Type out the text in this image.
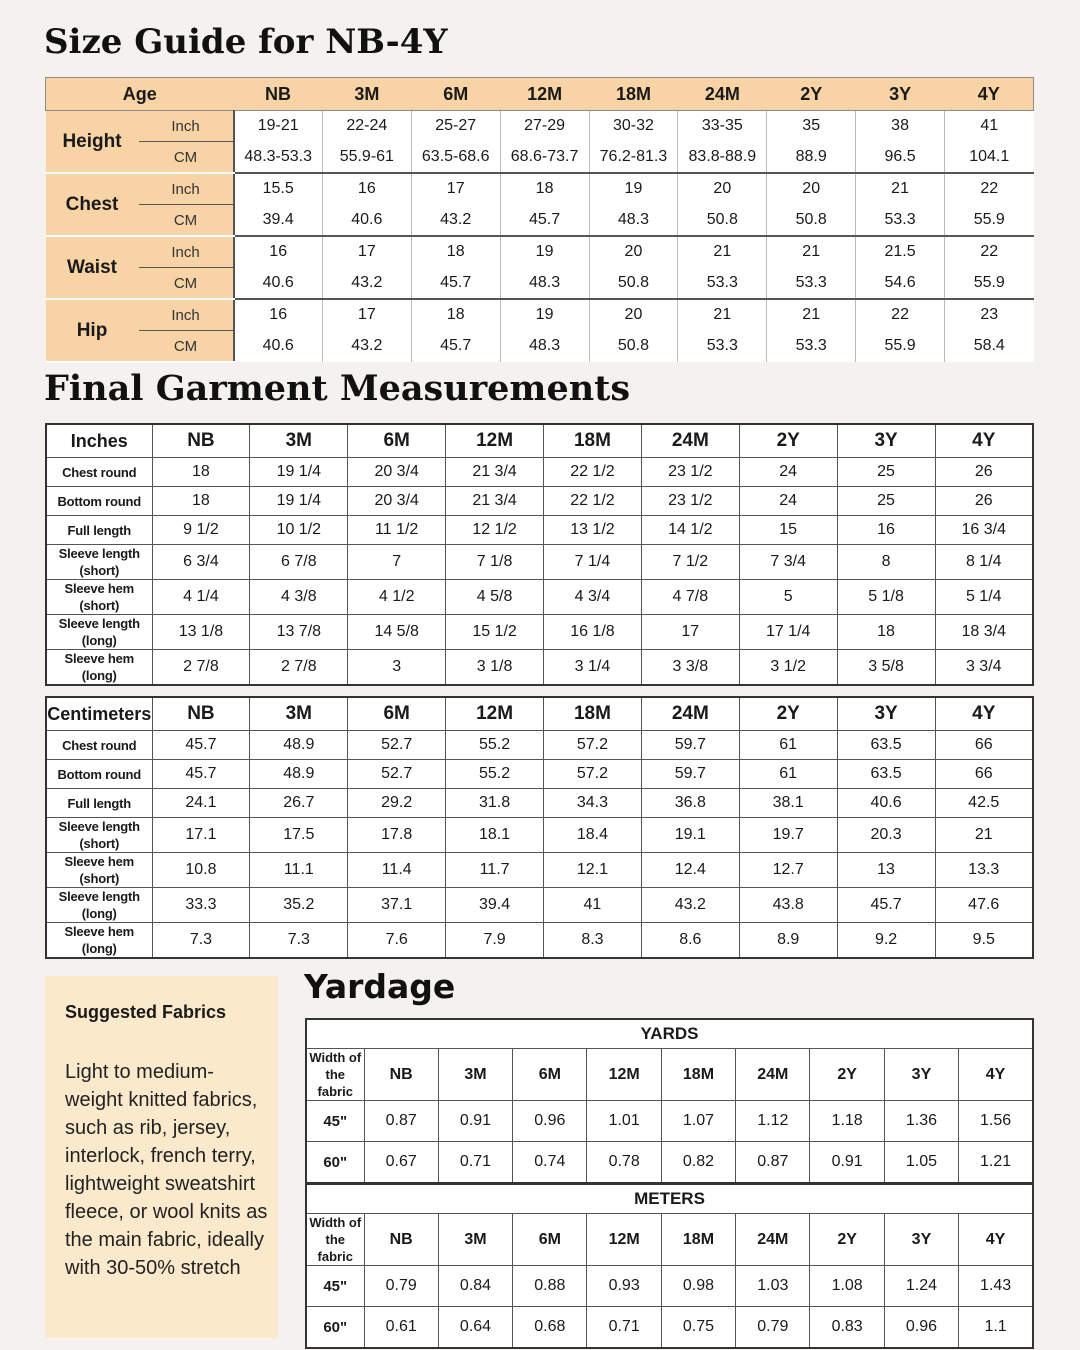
Size Guide for NB-4Y
Age		NB	3M	6M	12M	18M	24M	2Y	3Y	4Y
Height	Inch	19-21	22-24	25-27	27-29	30-32	33-35	35	38	41
	CM	48.3-53.3	55.9-61	63.5-68.6	68.6-73.7	76.2-81.3	83.8-88.9	88.9	96.5	104.1
Chest	Inch	15.5	16	17	18	19	20	20	21	22
	CM	39.4	40.6	43.2	45.7	48.3	50.8	50.8	53.3	55.9
Waist	Inch	16	17	18	19	20	21	21	21.5	22
	CM	40.6	43.2	45.7	48.3	50.8	53.3	53.3	54.6	55.9
Hip	Inch	16	17	18	19	20	21	21	22	23
	CM	40.6	43.2	45.7	48.3	50.8	53.3	53.3	55.9	58.4
Final Garment Measurements
Inches	NB	3M	6M	12M	18M	24M	2Y	3Y	4Y
Chest round	18	19 1/4	20 3/4	21 3/4	22 1/2	23 1/2	24	25	26
Bottom round	18	19 1/4	20 3/4	21 3/4	22 1/2	23 1/2	24	25	26
Full length	9 1/2	10 1/2	11 1/2	12 1/2	13 1/2	14 1/2	15	16	16 3/4
Sleeve length
(short)	6 3/4	6 7/8	7	7 1/8	7 1/4	7 1/2	7 3/4	8	8 1/4
Sleeve hem (short)	4 1/4	4 3/8	4 1/2	4 5/8	4 3/4	4 7/8	5	5 1/8	5 1/4
Sleeve length
(long)	13 1/8	13 7/8	14 5/8	15 1/2	16 1/8	17	17 1/4	18	18 3/4
Sleeve hem (long)	2 7/8	2 7/8	3	3 1/8	3 1/4	3 3/8	3 1/2	3 5/8	3 3/4
Centimeters	NB	3M	6M	12M	18M	24M	2Y	3Y	4Y
Chest round	45.7	48.9	52.7	55.2	57.2	59.7	61	63.5	66
Bottom round	45.7	48.9	52.7	55.2	57.2	59.7	61	63.5	66
Full length	24.1	26.7	29.2	31.8	34.3	36.8	38.1	40.6	42.5
Sleeve length
(short)	17.1	17.5	17.8	18.1	18.4	19.1	19.7	20.3	21
Sleeve hem (short)	10.8	11.1	11.4	11.7	12.1	12.4	12.7	13	13.3
Sleeve length
(long)	33.3	35.2	37.1	39.4	41	43.2	43.8	45.7	47.6
Sleeve hem (long)	7.3	7.3	7.6	7.9	8.3	8.6	8.9	9.2	9.5
Suggested Fabrics
Light to medium-weight knitted fabrics, such as rib, jersey, interlock, french terry, lightweight sweatshirt fleece, or wool knits as the main fabric, ideally with 30-50% stretch
Yardage
YARDS									
Width of
the fabric	NB	3M	6M	12M	18M	24M	2Y	3Y	4Y
45"	0.87	0.91	0.96	1.01	1.07	1.12	1.18	1.36	1.56
60"	0.67	0.71	0.74	0.78	0.82	0.87	0.91	1.05	1.21
METERS									
Width of
the fabric	NB	3M	6M	12M	18M	24M	2Y	3Y	4Y
45"	0.79	0.84	0.88	0.93	0.98	1.03	1.08	1.24	1.43
60"	0.61	0.64	0.68	0.71	0.75	0.79	0.83	0.96	1.1
